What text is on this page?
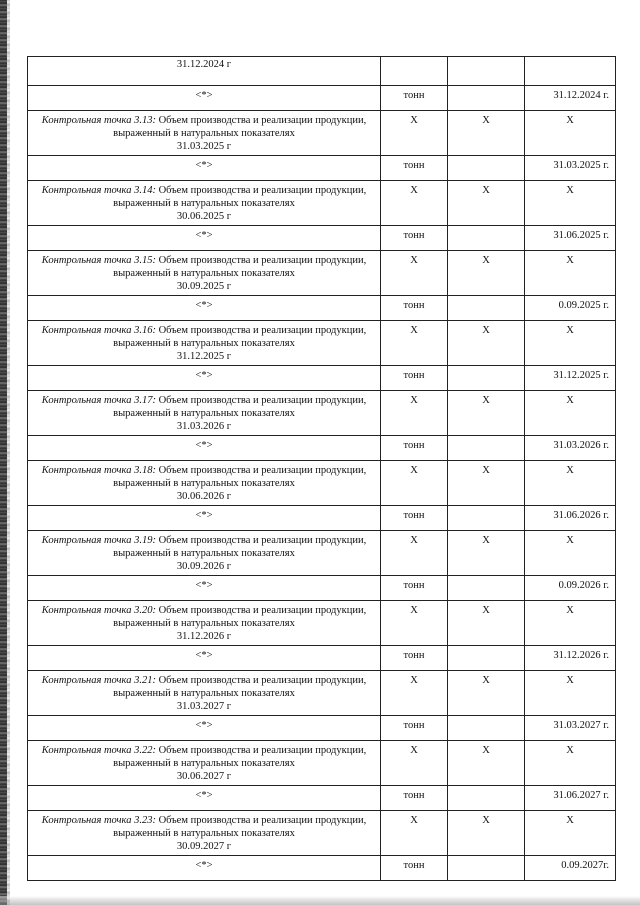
31.12.2024 г			
<*>	тонн		31.12.2024 г.
Контрольная точка 3.13: Объем производства и реализации продукции, выраженный в натуральных показателях
31.03.2025 г	Х	Х	Х
<*>	тонн		31.03.2025 г.
Контрольная точка 3.14: Объем производства и реализации продукции, выраженный в натуральных показателях
30.06.2025 г	Х	Х	Х
<*>	тонн		31.06.2025 г.
Контрольная точка 3.15: Объем производства и реализации продукции, выраженный в натуральных показателях
30.09.2025 г	Х	Х	Х
<*>	тонн		0.09.2025 г.
Контрольная точка 3.16: Объем производства и реализации продукции, выраженный в натуральных показателях
31.12.2025 г	Х	Х	Х
<*>	тонн		31.12.2025 г.
Контрольная точка 3.17: Объем производства и реализации продукции, выраженный в натуральных показателях
31.03.2026 г	Х	Х	Х
<*>	тонн		31.03.2026 г.
Контрольная точка 3.18: Объем производства и реализации продукции, выраженный в натуральных показателях
30.06.2026 г	Х	Х	Х
<*>	тонн		31.06.2026 г.
Контрольная точка 3.19: Объем производства и реализации продукции, выраженный в натуральных показателях
30.09.2026 г	Х	Х	Х
<*>	тонн		0.09.2026 г.
Контрольная точка 3.20: Объем производства и реализации продукции, выраженный в натуральных показателях
31.12.2026 г	Х	Х	Х
<*>	тонн		31.12.2026 г.
Контрольная точка 3.21: Объем производства и реализации продукции, выраженный в натуральных показателях
31.03.2027 г	Х	Х	Х
<*>	тонн		31.03.2027 г.
Контрольная точка 3.22: Объем производства и реализации продукции, выраженный в натуральных показателях
30.06.2027 г	Х	Х	Х
<*>	тонн		31.06.2027 г.
Контрольная точка 3.23: Объем производства и реализации продукции, выраженный в натуральных показателях
30.09.2027 г	Х	Х	Х
<*>	тонн		0.09.2027г.
